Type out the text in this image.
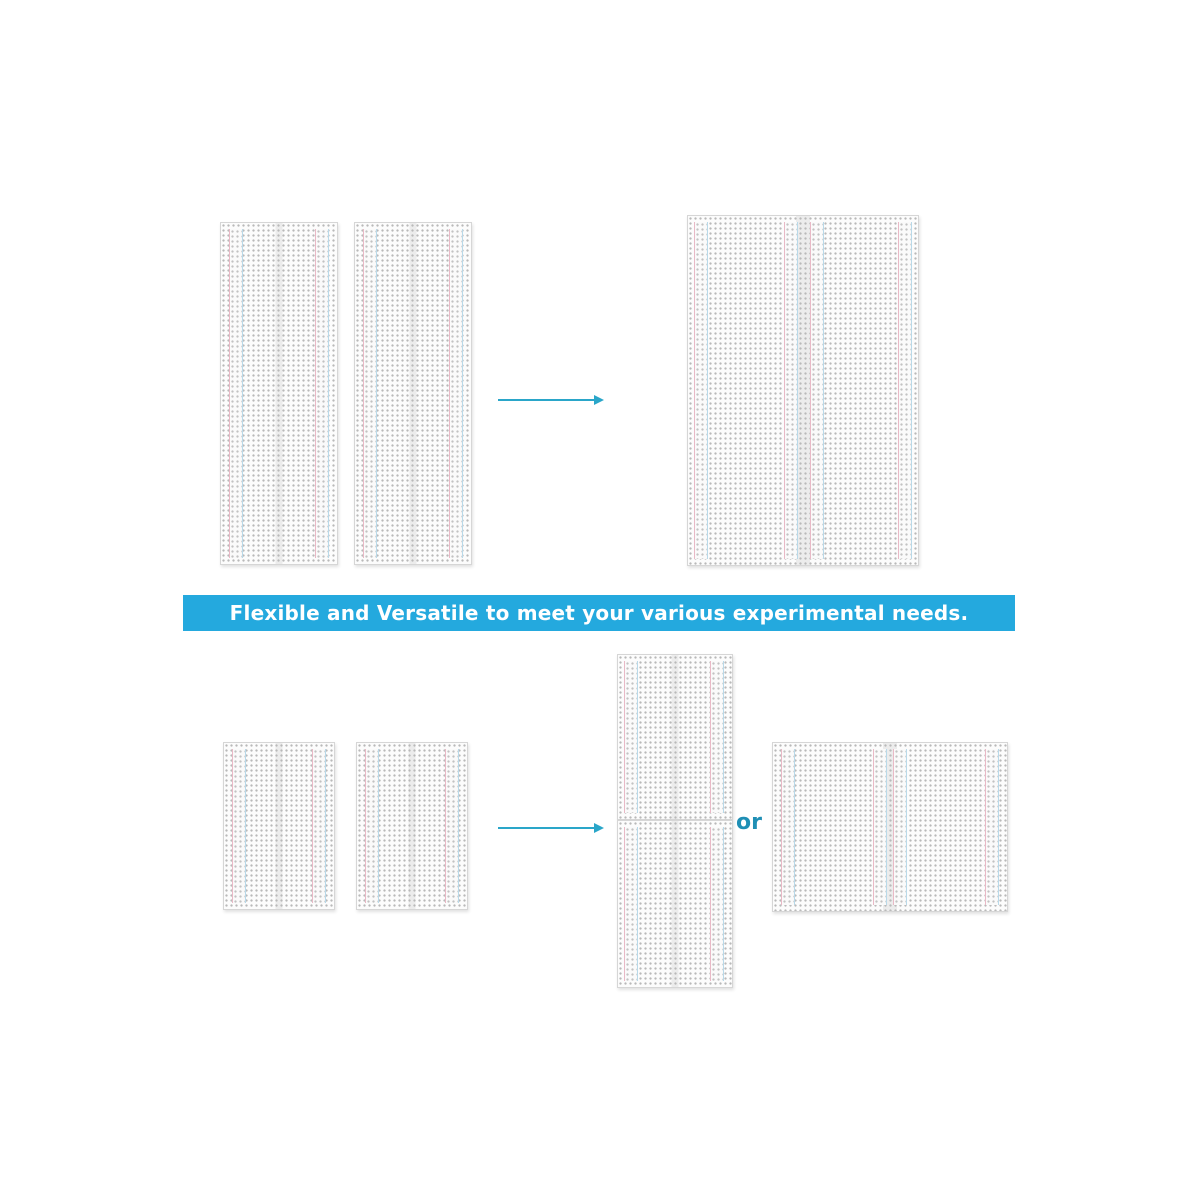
Flexible and Versatile to meet your various experimental needs.
or
